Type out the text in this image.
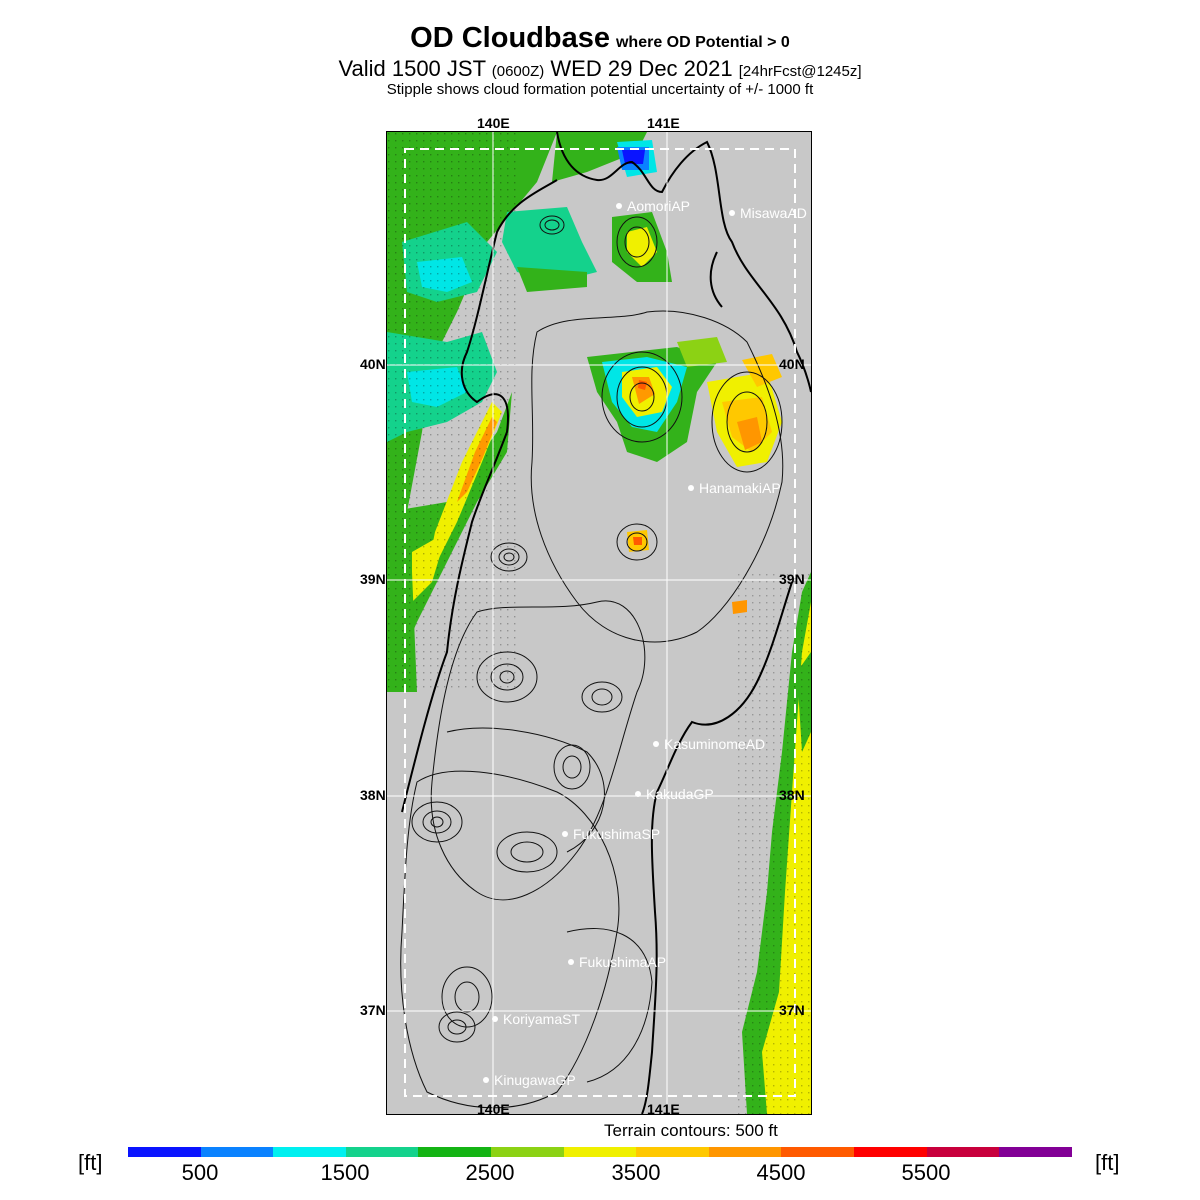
OD Cloudbase where OD Potential > 0
Valid 1500 JST (0600Z) WED 29 Dec 2021 [24hrFcst@1245z]
Stipple shows cloud formation potential uncertainty of +/- 1000 ft
AomoriAP	MisawaAD
HanamakiAP
KasuminomeAD
KakudaGP
FukushimaSP
FukushimaAP
KoriyamaST
KinugawaGP
140E	141E
140E	141E
40N
39N
38N
37N
40N
39N
38N
37N
Terrain contours: 500 ft
[ft]	[ft]
500	1500	2500	3500	4500	5500
